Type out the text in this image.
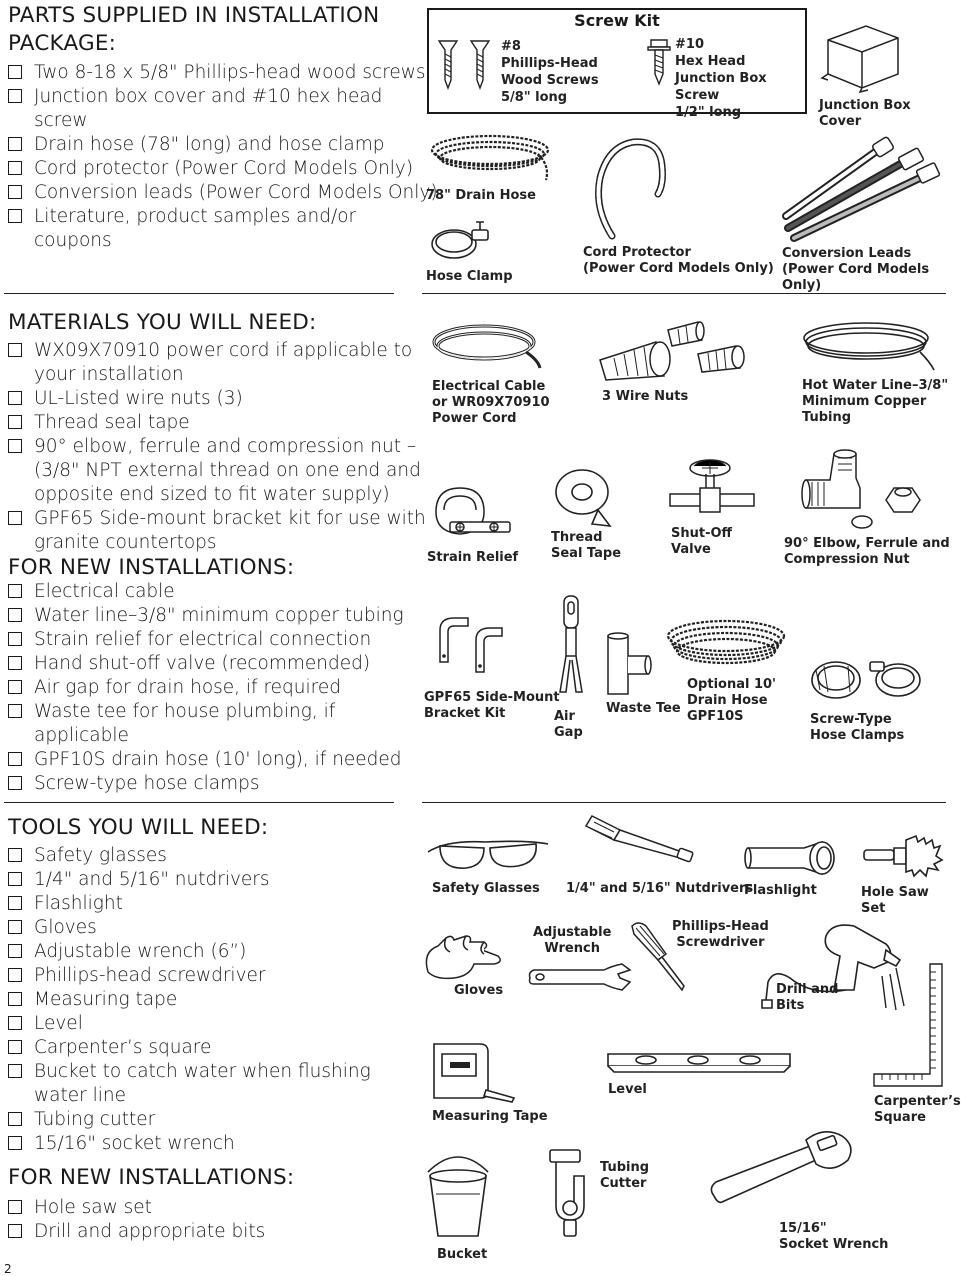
PARTS SUPPLIED IN INSTALLATION
PACKAGE:
Two 8-18 x 5/8" Phillips-head wood screws
Junction box cover and #10 hex head
screw
Drain hose (78" long) and hose clamp
Cord protector (Power Cord Models Only)
Conversion leads (Power Cord Models Only)
Literature, product samples and/or
coupons
MATERIALS YOU WILL NEED:
WX09X70910 power cord if applicable to
your installation
UL-Listed wire nuts (3)
Thread seal tape
90° elbow, ferrule and compression nut –
(3/8" NPT external thread on one end and
opposite end sized to fit water supply)
GPF65 Side-mount bracket kit for use with
granite countertops
FOR NEW INSTALLATIONS:
Electrical cable
Water line–3/8" minimum copper tubing
Strain relief for electrical connection
Hand shut-off valve (recommended)
Air gap for drain hose, if required
Waste tee for house plumbing, if
applicable
GPF10S drain hose (10' long), if needed
Screw-type hose clamps
TOOLS YOU WILL NEED:
Safety glasses
1/4" and 5/16" nutdrivers
Flashlight
Gloves
Adjustable wrench (6”)
Phillips-head screwdriver
Measuring tape
Level
Carpenter’s square
Bucket to catch water when flushing
water line
Tubing cutter
15/16" socket wrench
FOR NEW INSTALLATIONS:
Hole saw set
Drill and appropriate bits
2
Screw Kit
#8
Phillips-Head
Wood Screws
5/8" long
#10
Hex Head
Junction Box Screw
1/2" long	Junction Box Cover
78" Drain Hose
Hose Clamp
Cord Protector
(Power Cord Models Only)
Conversion Leads
(Power Cord Models Only)
Electrical Cable
or WR09X70910
Power Cord
3 Wire Nuts
Hot Water Line–3/8"
Minimum Copper
Tubing
Strain Relief
Thread
Seal Tape
Shut-Off
Valve	90° Elbow, Ferrule and
Compression Nut
GPF65 Side-Mount
Bracket Kit	Air
Gap
Waste Tee
Optional 10'
Drain Hose
GPF10S	Screw-Type
Hose Clamps
Safety Glasses 1/4" and 5/16" Nutdrivers
Flashlight	Hole Saw Set
Gloves
Adjustable
Wrench
Phillips-Head
Screwdriver
Drill and
Bits
Measuring Tape
Level
Carpenter’s
Square
Bucket
Tubing
Cutter
15/16"
Socket Wrench
